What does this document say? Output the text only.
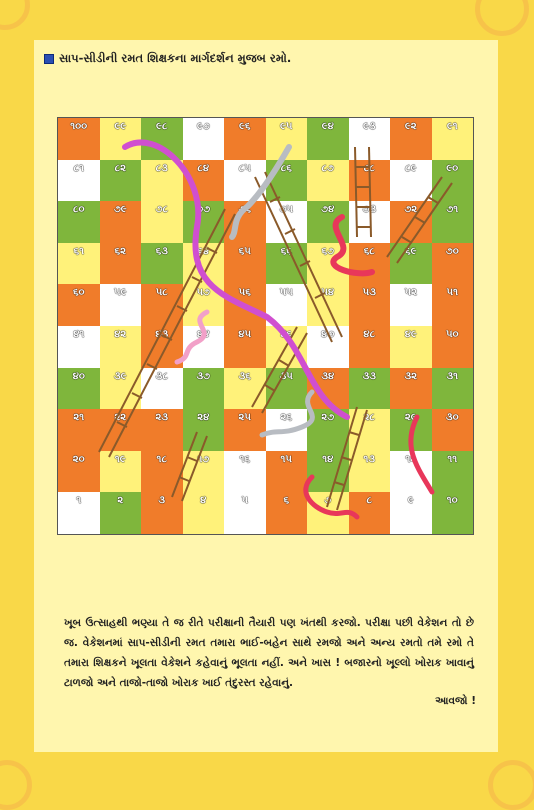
સાપ-સીડીની રમત શિક્ષકના માર્ગદર્શન મુજબ રમો.
૧૦૦	૯૯	૯૮	૯૭	૯૬	૯૫	૯૪	૯૩	૯૨	૯૧
૮૧	૮૨	૮૩	૮૪	૮૫	૮૬	૮૭	૮૮	૮૯	૯૦
૮૦	૭૯	૭૮	૭૭	૭૬	૭૫	૭૪	૭૩	૭૨	૭૧
૬૧	૬૨	૬૩	૬૪	૬૫	૬૬	૬૭	૬૮	૬૯	૭૦
૬૦	૫૯	૫૮	૫૭	૫૬	૫૫	૫૪	૫૩	૫૨	૫૧
૪૧	૪૨	૪૩	૪૪	૪૫	૪૬	૪૭	૪૮	૪૯	૫૦
૪૦	૩૯	૩૮	૩૭	૩૬	૩૫	૩૪	૩૩	૩૨	૩૧
૨૧	૨૨	૨૩	૨૪	૨૫	૨૬	૨૭	૨૮	૨૯	૩૦
૨૦	૧૯	૧૮	૧૭	૧૬	૧૫	૧૪	૧૩	૧૨	૧૧
૧	૨	૩	૪	૫	૬	૭	૮	૯	૧૦
ખૂબ ઉત્સાહથી ભણ્યા તે જ રીતે પરીક્ષાની તૈયારી પણ ખંતથી કરજો. પરીક્ષા પછી વેકેશન તો છે જ. વેકેશનમાં સાપ-સીડીની રમત તમારા ભાઈ-બહેન સાથે રમજો અને અન્ય રમતો તમે રમો તે તમારા શિક્ષકને ખૂલતા વેકેશને કહેવાનું ભૂલતા નહીં. અને ખાસ ! બજારનો ખૂલ્લો ખોરાક ખાવાનું ટાળજો અને તાજો-તાજો ખોરાક ખાઈ તંદુરસ્ત રહેવાનું.
આવજો !
